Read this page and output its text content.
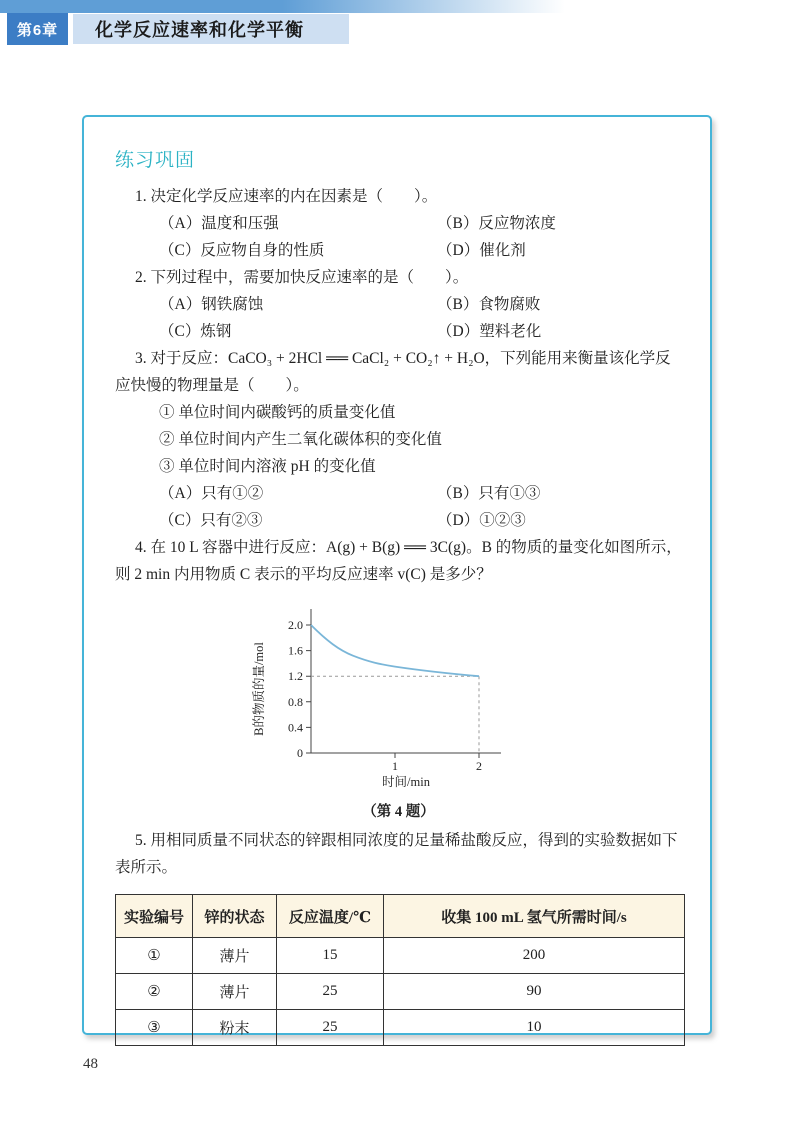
第6章	化学反应速率和化学平衡
练习巩固

1. 决定化学反应速率的内在因素是（　　）。

（A）温度和压强	（B）反应物浓度
（C）反应物自身的性质	（D）催化剂

2. 下列过程中，需要加快反应速率的是（　　）。

（A）钢铁腐蚀	（B）食物腐败
（C）炼钢	（D）塑料老化

3. 对于反应：CaCO₃ + 2HCl ══ CaCl₂ + CO₂↑ + H₂O，下列能用来衡量该化学反应快慢的物理量是（　　）。

① 单位时间内碳酸钙的质量变化值
② 单位时间内产生二氧化碳体积的变化值
③ 单位时间内溶液 pH 的变化值
（A）只有①②	（B）只有①③
（C）只有②③	（D）①②③

4. 在 10 L 容器中进行反应：A(g) + B(g) ══ 3C(g)。B 的物质的量变化如图所示，则 2 min 内用物质 C 表示的平均反应速率 v(C) 是多少？

0
0.4
0.8
1.2
1.6
2.0
1	2
时间/min
B的物质的量/mol
（第 4 题）

5. 用相同质量不同状态的锌跟相同浓度的足量稀盐酸反应，得到的实验数据如下表所示。

实验编号	锌的状态	反应温度/℃	收集 100 mL 氢气所需时间/s
①	薄片	15	200
②	薄片	25	90
③	粉末	25	10
48
